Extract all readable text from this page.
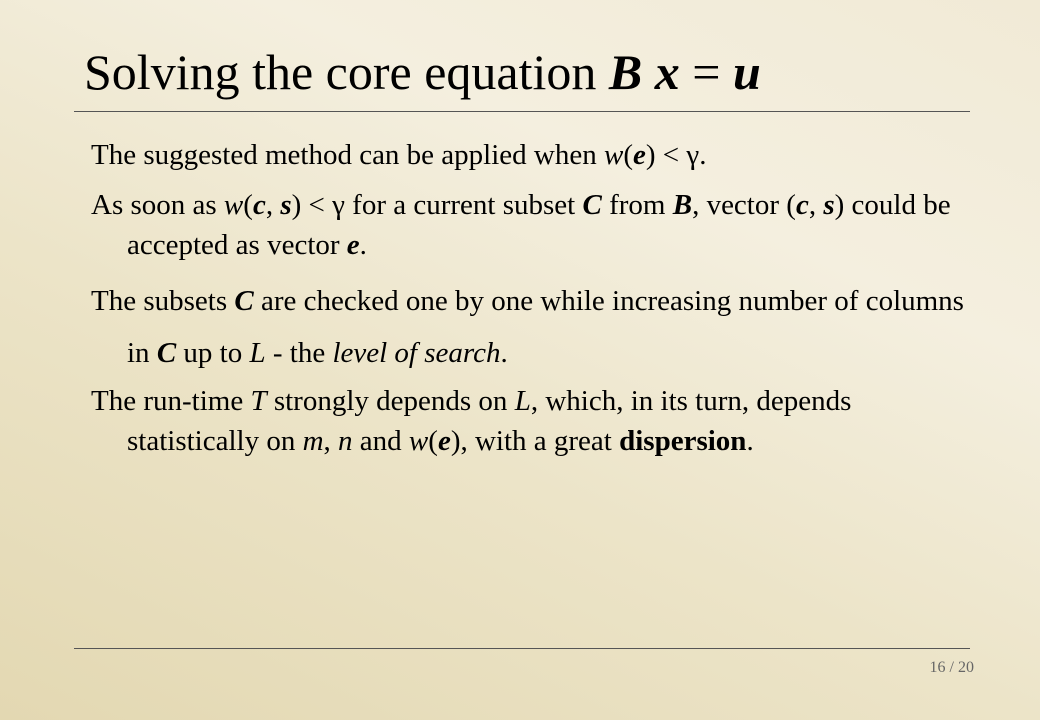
Solving the core equation B x = u

The suggested method can be applied when w(e) < γ.

As soon as w(c, s) < γ for a current subset C from B, vector (c, s) could be accepted as vector e.

The subsets C are checked one by one while increasing number of columns in C up to L - the level of search.

The run-time T strongly depends on L, which, in its turn, depends statistically on m, n and w(e), with a great dispersion.

16 / 20
